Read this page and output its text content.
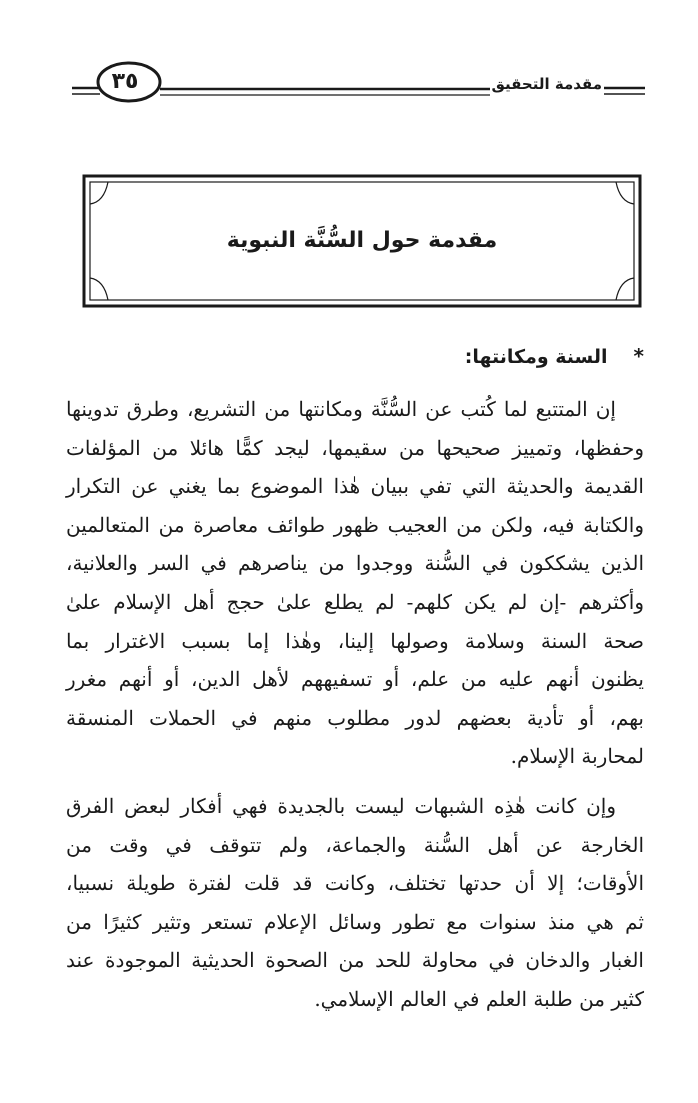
٣٥	مقدمة التحقيق
مقدمة حول السُّنَّة النبوية
*السنة ومكانتها:
إن المتتبع لما كُتب عن السُّنَّة ومكانتها من التشريع، وطرق تدوينها
وحفظها، وتمييز صحيحها من سقيمها، ليجد كمًّا هائلا من المؤلفات
القديمة والحديثة التي تفي ببيان هٰذا الموضوع بما يغني عن التكرار
والكتابة فيه، ولكن من العجيب ظهور طوائف معاصرة من المتعالمين
الذين يشككون في السُّنة ووجدوا من يناصرهم في السر والعلانية،
وأكثرهم -إن لم يكن كلهم- لم يطلع علىٰ حجج أهل الإسلام علىٰ
صحة السنة وسلامة وصولها إلينا، وهٰذا إما بسبب الاغترار بما
يظنون أنهم عليه من علم، أو تسفيههم لأهل الدين، أو أنهم مغرر
بهم، أو تأدية بعضهم لدور مطلوب منهم في الحملات المنسقة
لمحاربة الإسلام.
وإن كانت هٰذِه الشبهات ليست بالجديدة فهي أفكار لبعض الفرق
الخارجة عن أهل السُّنة والجماعة، ولم تتوقف في وقت من
الأوقات؛ إلا أن حدتها تختلف، وكانت قد قلت لفترة طويلة نسبيا،
ثم هي منذ سنوات مع تطور وسائل الإعلام تستعر وتثير كثيرًا من
الغبار والدخان في محاولة للحد من الصحوة الحديثية الموجودة عند
كثير من طلبة العلم في العالم الإسلامي.
